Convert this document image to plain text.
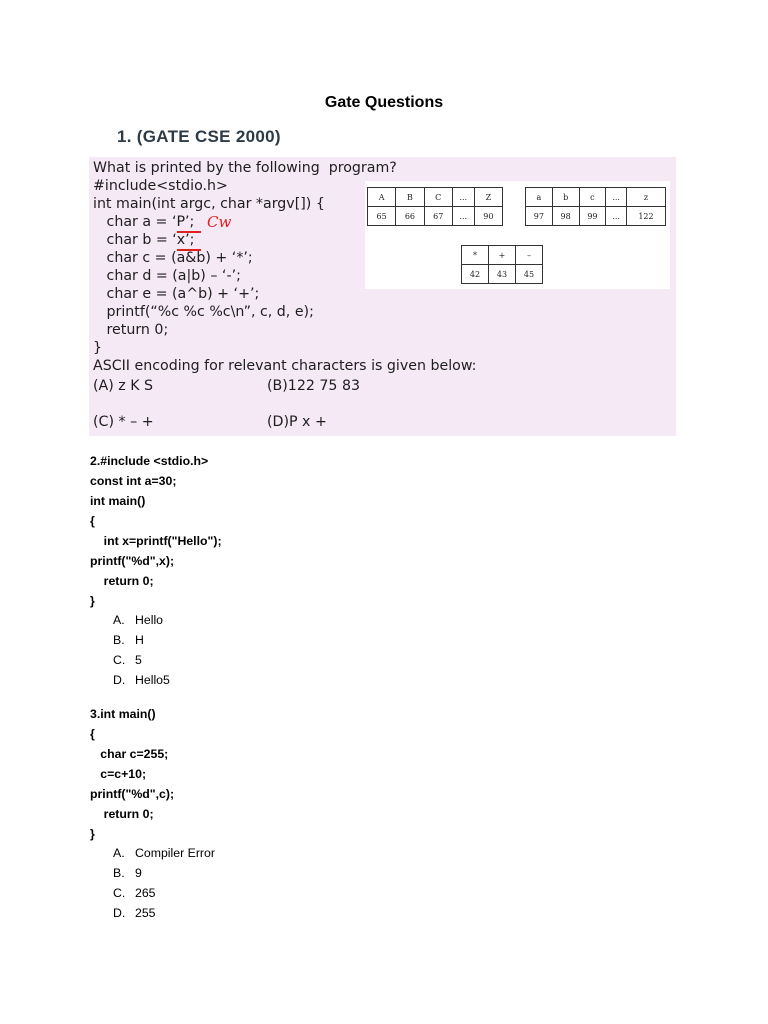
Gate Questions
1. (GATE CSE 2000)
What is printed by the following  program?
#include<stdio.h>
int main(int argc, char *argv[]) {
char a = ‘P’;
char b = ‘x’;
char c = (a&b) + ‘*’;
char d = (a|b) – ‘-’;
char e = (a^b) + ‘+’;
printf(“%c %c %c\n”, c, d, e);
return 0;
}
ASCII encoding for relevant characters is given below:
Cw
(A) z K S	(B)122 75 83
(C) * – +	(D)P x +
A	B	C	...	Z
65	66	67	...	90
a	b	c	...	z
97	98	99	...	122
*	+	–
42	43	45
2.#include <stdio.h>
const int a=30;
int main()
{
int x=printf("Hello");
printf("%d",x);
return 0;
}
A. Hello
B. H
C. 5
D. Hello5
3.int main()
{
char c=255;
c=c+10;
printf("%d",c);
return 0;
}
A. Compiler Error
B. 9
C. 265
D. 255
